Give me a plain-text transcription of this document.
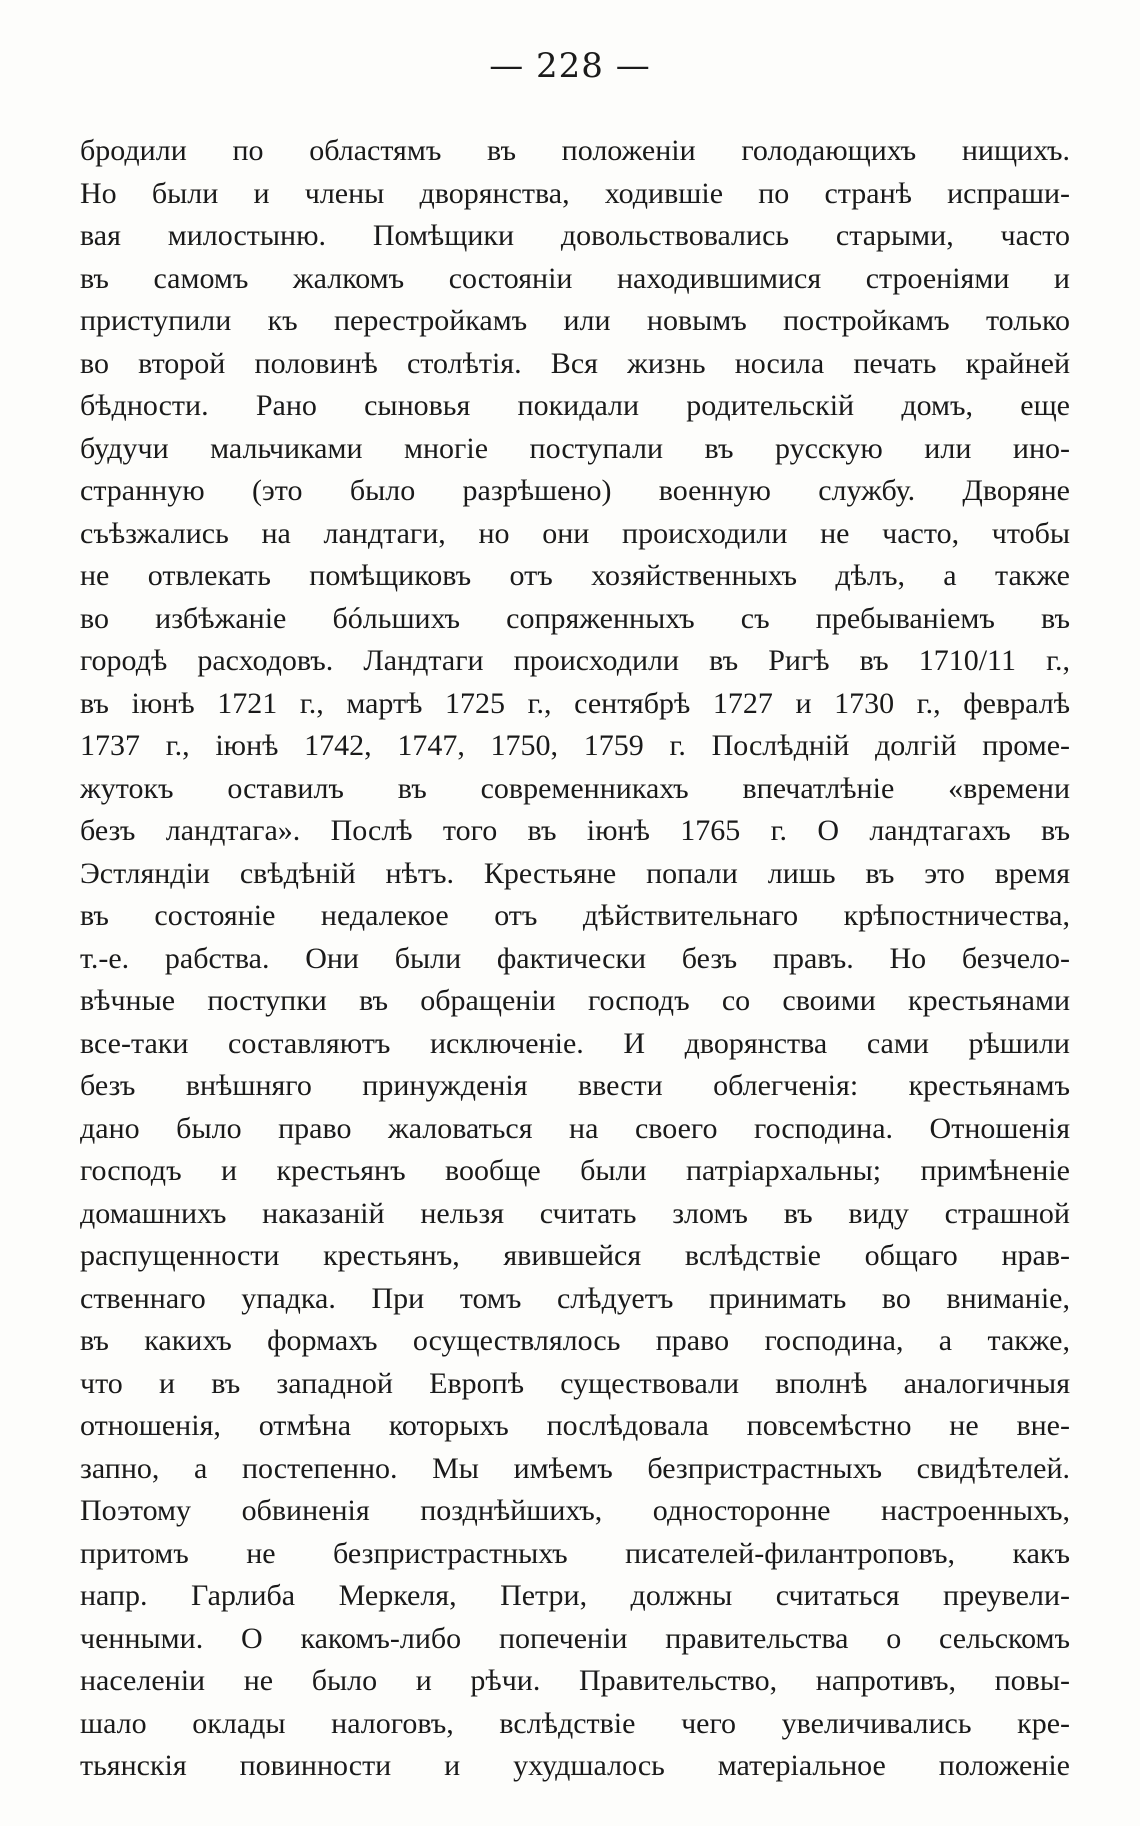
— 228 —
бродили по областямъ въ положеніи голодающихъ нищихъ.
Но были и члены дворянства, ходившіе по странѣ испраши-
вая милостыню. Помѣщики довольствовались старыми, часто
въ самомъ жалкомъ состояніи находившимися строеніями и
приступили къ перестройкамъ или новымъ постройкамъ только
во второй половинѣ столѣтія. Вся жизнь носила печать крайней
бѣдности. Рано сыновья покидали родительскій домъ, еще
будучи мальчиками многіе поступали въ русскую или ино-
странную (это было разрѣшено) военную службу. Дворяне
съѣзжались на ландтаги, но они происходили не часто, чтобы
не отвлекать помѣщиковъ отъ хозяйственныхъ дѣлъ, а также
во избѣжаніе бóльшихъ сопряженныхъ съ пребываніемъ въ
городѣ расходовъ. Ландтаги происходили въ Ригѣ въ 1710/11 г.,
въ іюнѣ 1721 г., мартѣ 1725 г., сентябрѣ 1727 и 1730 г., февралѣ
1737 г., іюнѣ 1742, 1747, 1750, 1759 г. Послѣдній долгій проме-
жутокъ оставилъ въ современникахъ впечатлѣніе «времени
безъ ландтага». Послѣ того въ іюнѣ 1765 г. О ландтагахъ въ
Эстляндіи свѣдѣній нѣтъ. Крестьяне попали лишь въ это время
въ состояніе недалекое отъ дѣйствительнаго крѣпостничества,
т.-е. рабства. Они были фактически безъ правъ. Но безчело-
вѣчные поступки въ обращеніи господъ со своими крестьянами
все-таки составляютъ исключеніе. И дворянства сами рѣшили
безъ внѣшняго принужденія ввести облегченія: крестьянамъ
дано было право жаловаться на своего господина. Отношенія
господъ и крестьянъ вообще были патріархальны; примѣненіе
домашнихъ наказаній нельзя считать зломъ въ виду страшной
распущенности крестьянъ, явившейся вслѣдствіе общаго нрав-
ственнаго упадка. При томъ слѣдуетъ принимать во вниманіе,
въ какихъ формахъ осуществлялось право господина, а также,
что и въ западной Европѣ существовали вполнѣ аналогичныя
отношенія, отмѣна которыхъ послѣдовала повсемѣстно не вне-
запно, а постепенно. Мы имѣемъ безпристрастныхъ свидѣтелей.
Поэтому обвиненія позднѣйшихъ, односторонне настроенныхъ,
притомъ не безпристрастныхъ писателей-филантроповъ, какъ
напр. Гарлиба Меркеля, Петри, должны считаться преувели-
ченными. О какомъ-либо попеченіи правительства о сельскомъ
населеніи не было и рѣчи. Правительство, напротивъ, повы-
шало оклады налоговъ, вслѣдствіе чего увеличивались кре-
тьянскія повинности и ухудшалось матеріальное положеніе
